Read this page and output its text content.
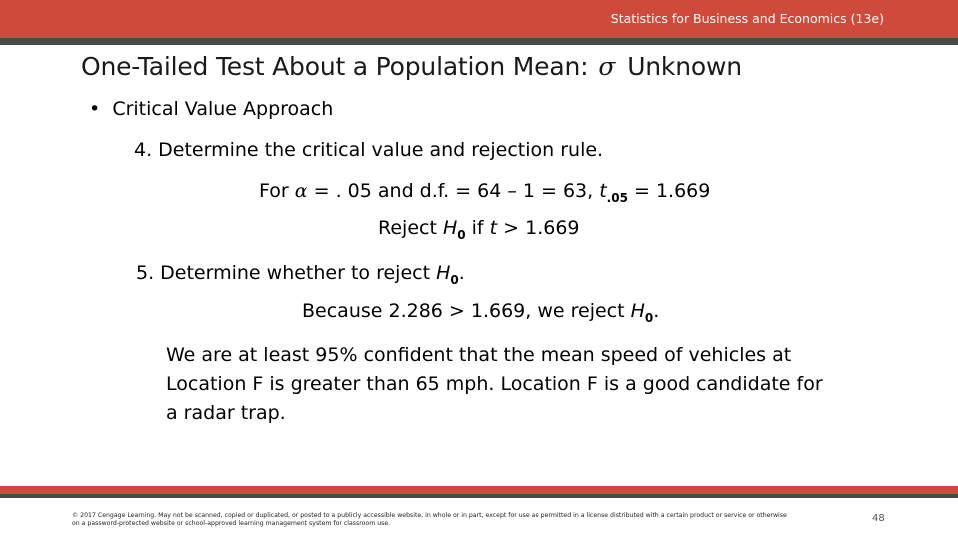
Statistics for Business and Economics (13e)
One-Tailed Test About a Population Mean: σ Unknown
• Critical Value Approach
4. Determine the critical value and rejection rule.
For α = . 05 and d.f. = 64 – 1 = 63, $t_{.05} = 1.669$
Reject $H_0$ if t > 1.669
5. Determine whether to reject $H_0$.
Because 2.286 > 1.669, we reject $H_0$.
We are at least 95% confident that the mean speed of vehicles at Location F is greater than 65 mph. Location F is a good candidate for a radar trap.
© 2017 Cengage Learning. May not be scanned, copied or duplicated, or posted to a publicly accessible website, in whole or in part, except for use as permitted in a license distributed with a certain product or service or otherwise on a password-protected website or school-approved learning management system for classroom use.	48
